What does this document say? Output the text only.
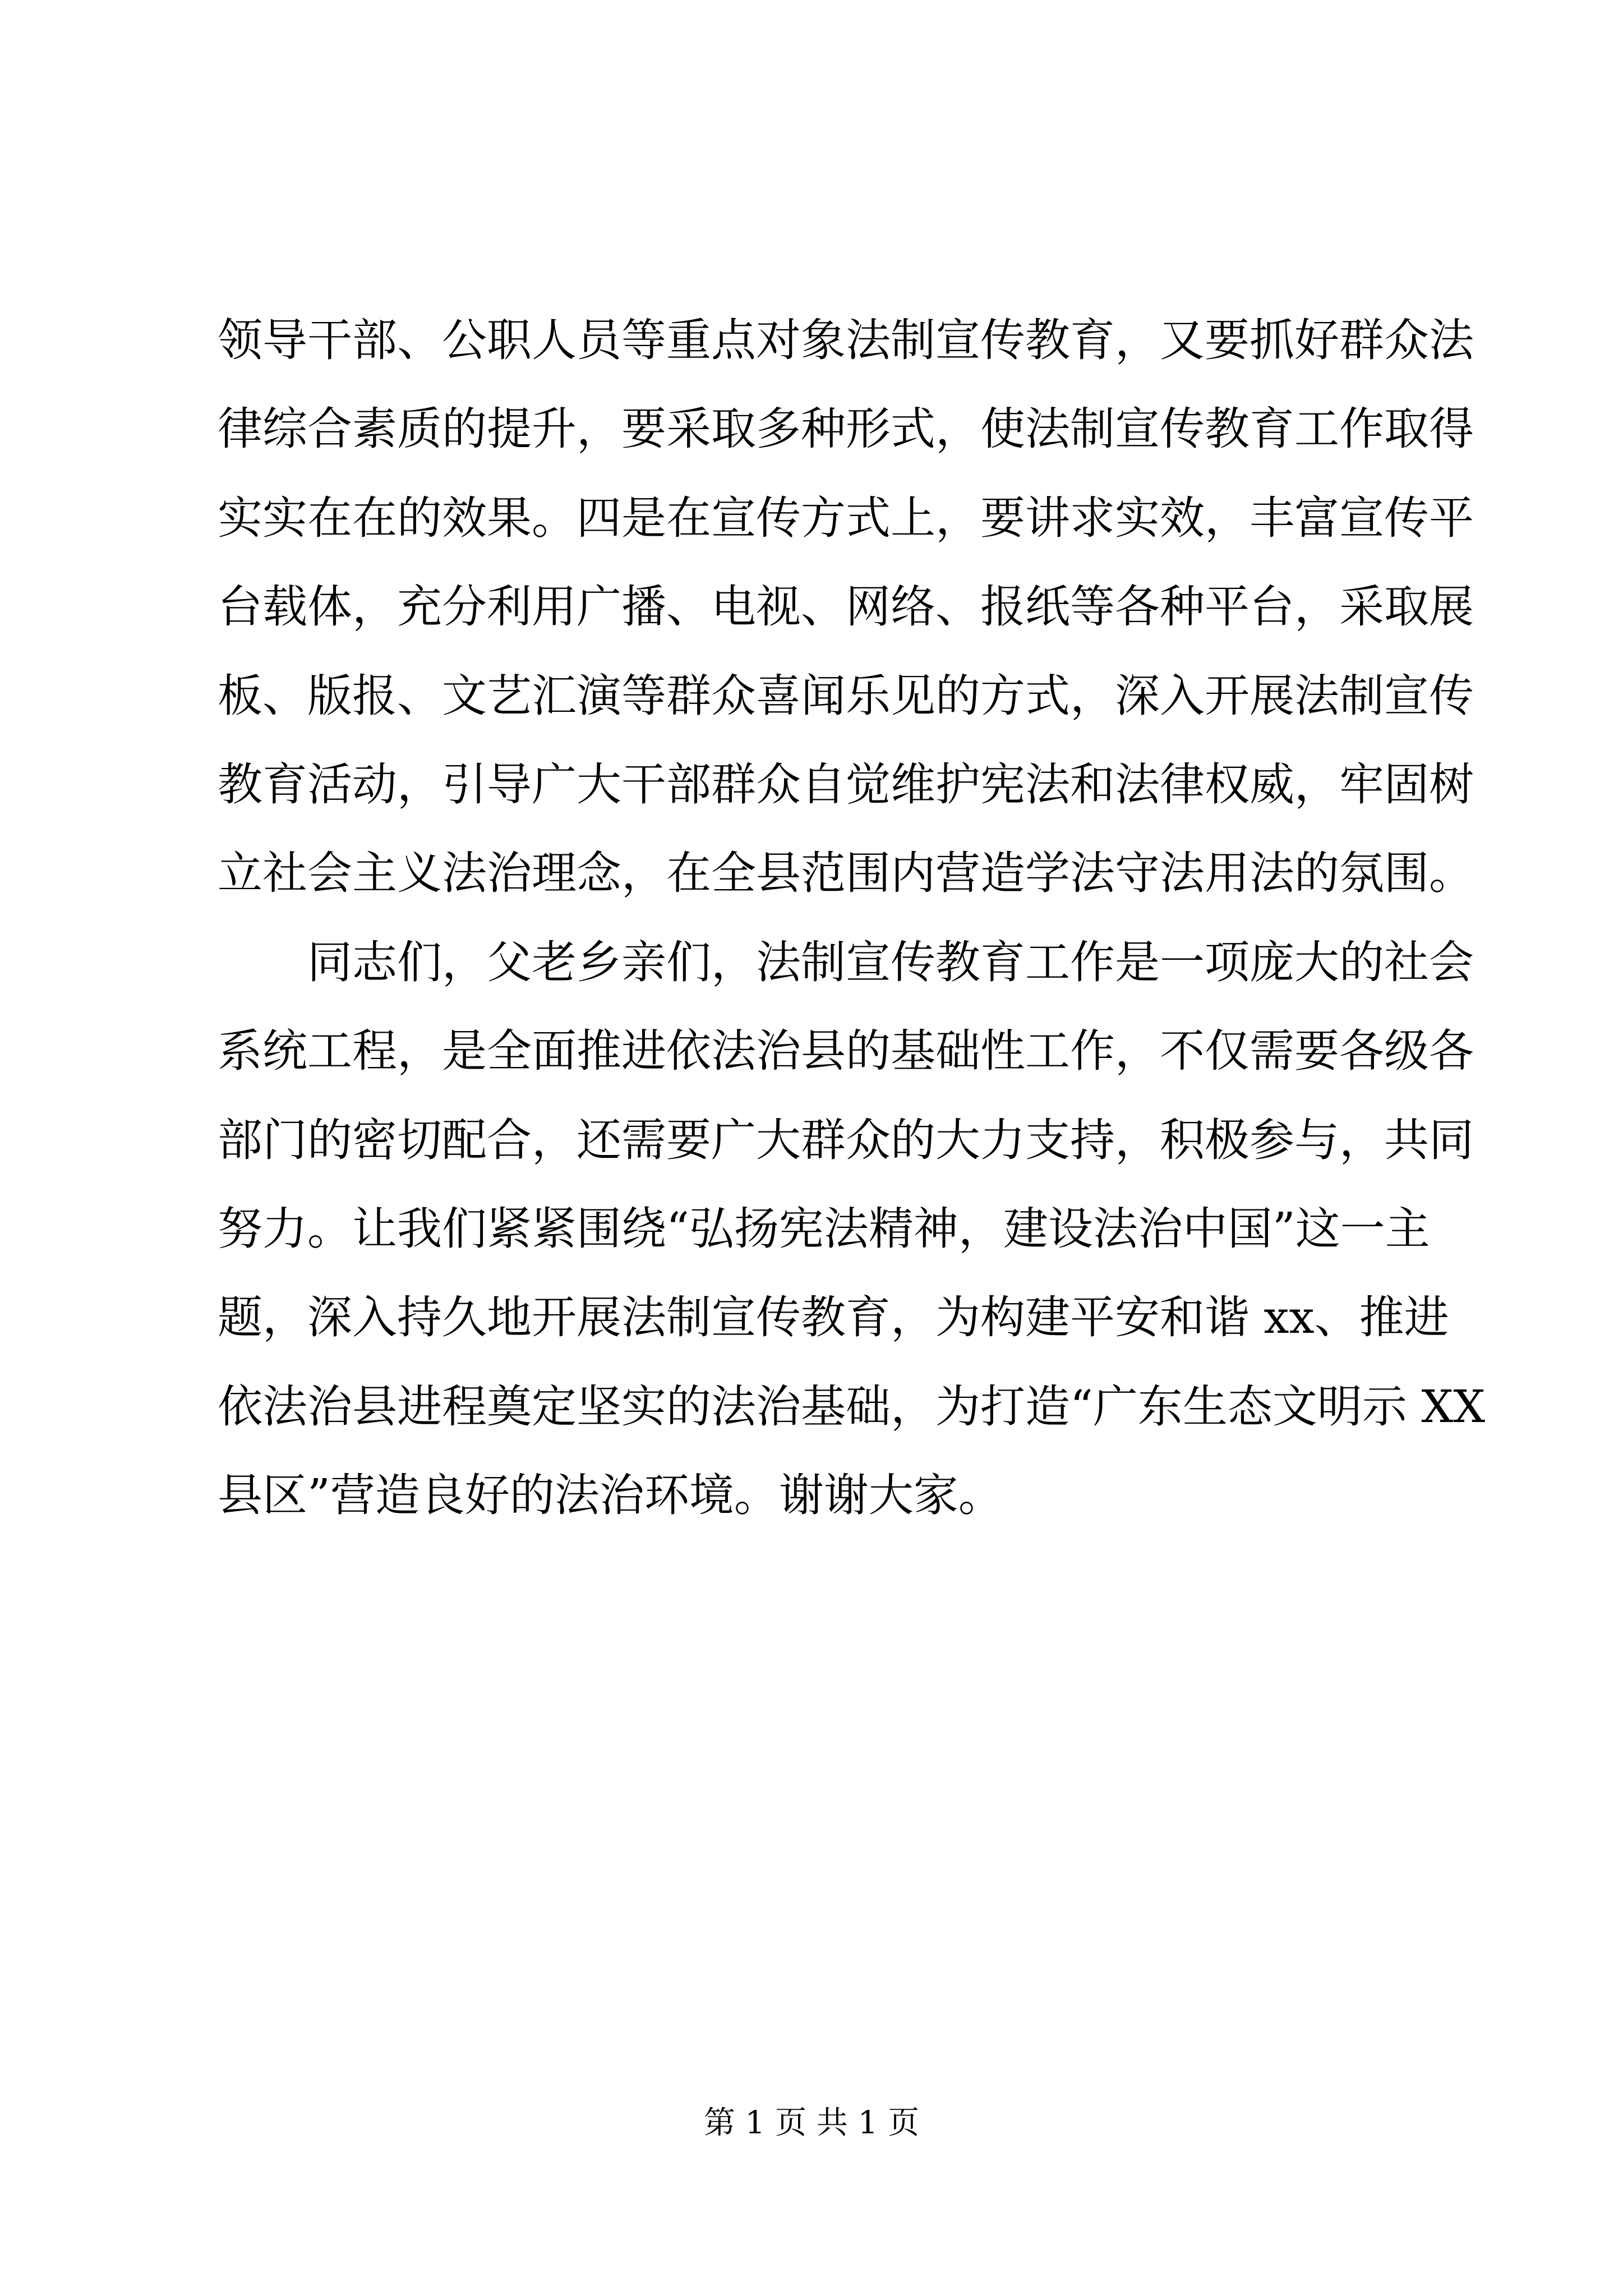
领导干部、公职人员等重点对象法制宣传教育，又要抓好群众法
律综合素质的提升，要采取多种形式，使法制宣传教育工作取得
实实在在的效果。四是在宣传方式上，要讲求实效，丰富宣传平
台载体，充分利用广播、电视、网络、报纸等各种平台，采取展
板、版报、文艺汇演等群众喜闻乐见的方式，深入开展法制宣传
教育活动，引导广大干部群众自觉维护宪法和法律权威，牢固树
立社会主义法治理念，在全县范围内营造学法守法用法的氛围。
同志们，父老乡亲们，法制宣传教育工作是一项庞大的社会
系统工程，是全面推进依法治县的基础性工作，不仅需要各级各
部门的密切配合，还需要广大群众的大力支持，积极参与，共同
努力。让我们紧紧围绕“弘扬宪法精神，建设法治中国”这一主
题，深入持久地开展法制宣传教育，为构建平安和谐 xx、推进
依法治县进程奠定坚实的法治基础，为打造“广东生态文明示 XX
县区”营造良好的法治环境。谢谢大家。
第 1 页 共 1 页
